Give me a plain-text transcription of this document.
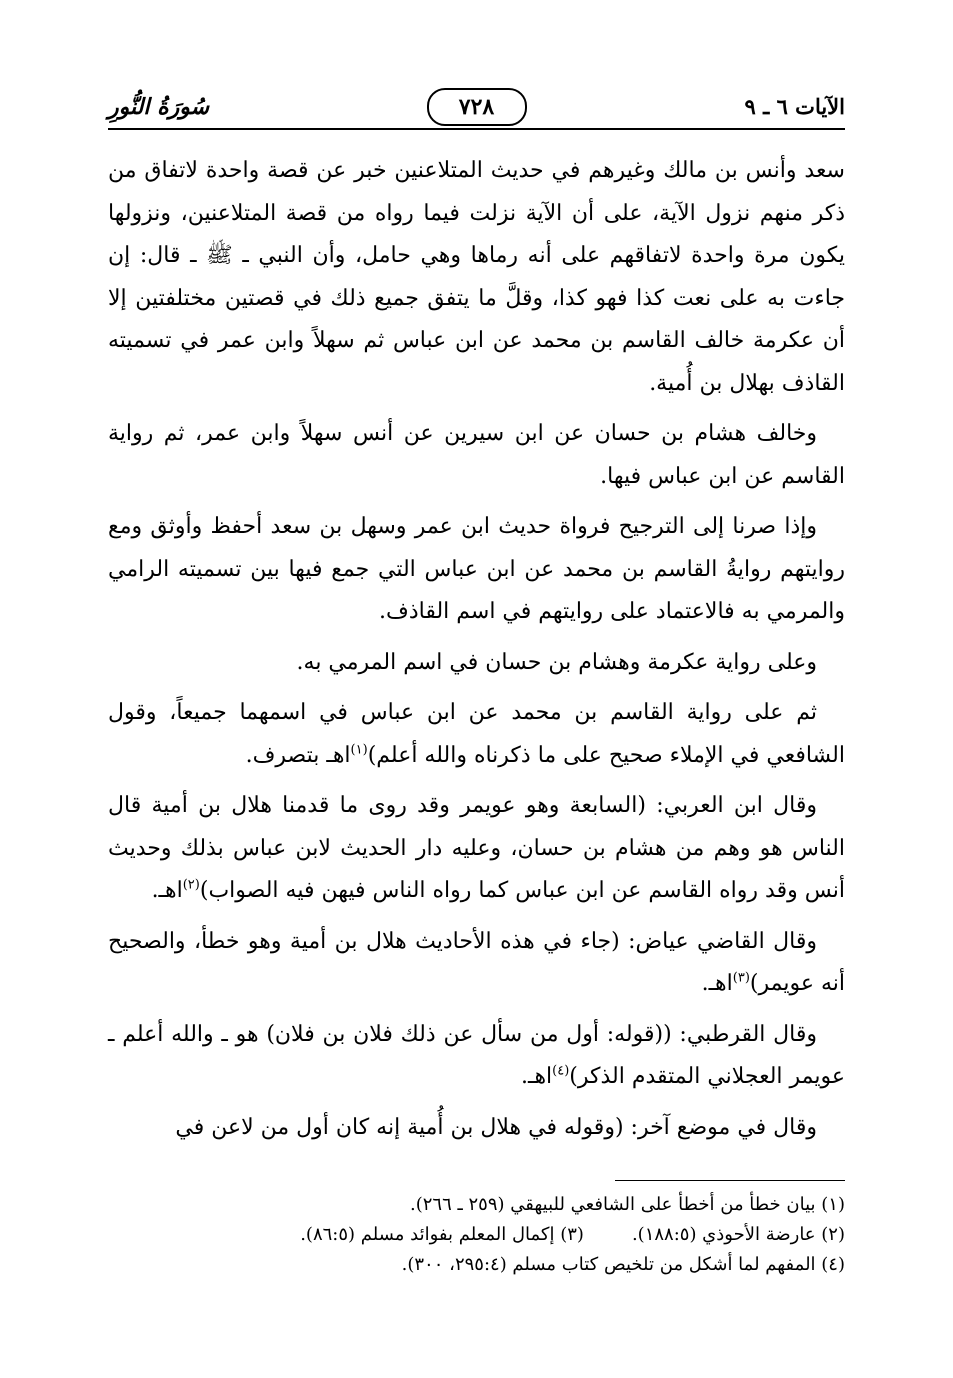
الآيات ٦ ـ ٩
٧٢٨
سُورَةُ النُّورِ

سعد وأنس بن مالك وغيرهم في حديث المتلاعنين خبر عن قصة واحدة لاتفاق من ذكر منهم نزول الآية، على أن الآية نزلت فيما رواه من قصة المتلاعنين، ونزولها يكون مرة واحدة لاتفاقهم على أنه رماها وهي حامل، وأن النبي ـ ﷺ ـ قال: إن جاءت به على نعت كذا فهو كذا، وقلَّ ما يتفق جميع ذلك في قصتين مختلفتين إلا أن عكرمة خالف القاسم بن محمد عن ابن عباس ثم سهلاً وابن عمر في تسميته القاذف بهلال بن أُمية.

وخالف هشام بن حسان عن ابن سيرين عن أنس سهلاً وابن عمر، ثم رواية القاسم عن ابن عباس فيها.

وإذا صرنا إلى الترجيح فرواة حديث ابن عمر وسهل بن سعد أحفظ وأوثق ومع روايتهم روايةُ القاسم بن محمد عن ابن عباس التي جمع فيها بين تسميته الرامي والمرمي به فالاعتماد على روايتهم في اسم القاذف.

وعلى رواية عكرمة وهشام بن حسان في اسم المرمي به.

ثم على رواية القاسم بن محمد عن ابن عباس في اسمهما جميعاً، وقول الشافعي في الإملاء صحيح على ما ذكرناه والله أعلم)$^{(١)}$اهـ بتصرف.

وقال ابن العربي: (السابعة وهو عويمر وقد روى ما قدمنا هلال بن أمية قال الناس هو وهم من هشام بن حسان، وعليه دار الحديث لابن عباس بذلك وحديث أنس وقد رواه القاسم عن ابن عباس كما رواه الناس فيهن فيه الصواب)$^{(٢)}$اهـ.

وقال القاضي عياض: (جاء في هذه الأحاديث هلال بن أمية وهو خطأ، والصحيح أنه عويمر)$^{(٣)}$اهـ.

وقال القرطبي: ((قوله: أول من سأل عن ذلك فلان بن فلان) هو ـ والله أعلم ـ عويمر العجلاني المتقدم الذكر)$^{(٤)}$اهـ.

وقال في موضع آخر: (وقوله في هلال بن أُمية إنه كان أول من لاعن في

(١) بيان خطأ من أخطأ على الشافعي للبيهقي (٢٥٩ ـ ٢٦٦).
(٢) عارضة الأحوذي (١٨٨:٥).(٣) إكمال المعلم بفوائد مسلم (٨٦:٥).
(٤) المفهم لما أشكل من تلخيص كتاب مسلم (٢٩٥:٤، ٣٠٠).
